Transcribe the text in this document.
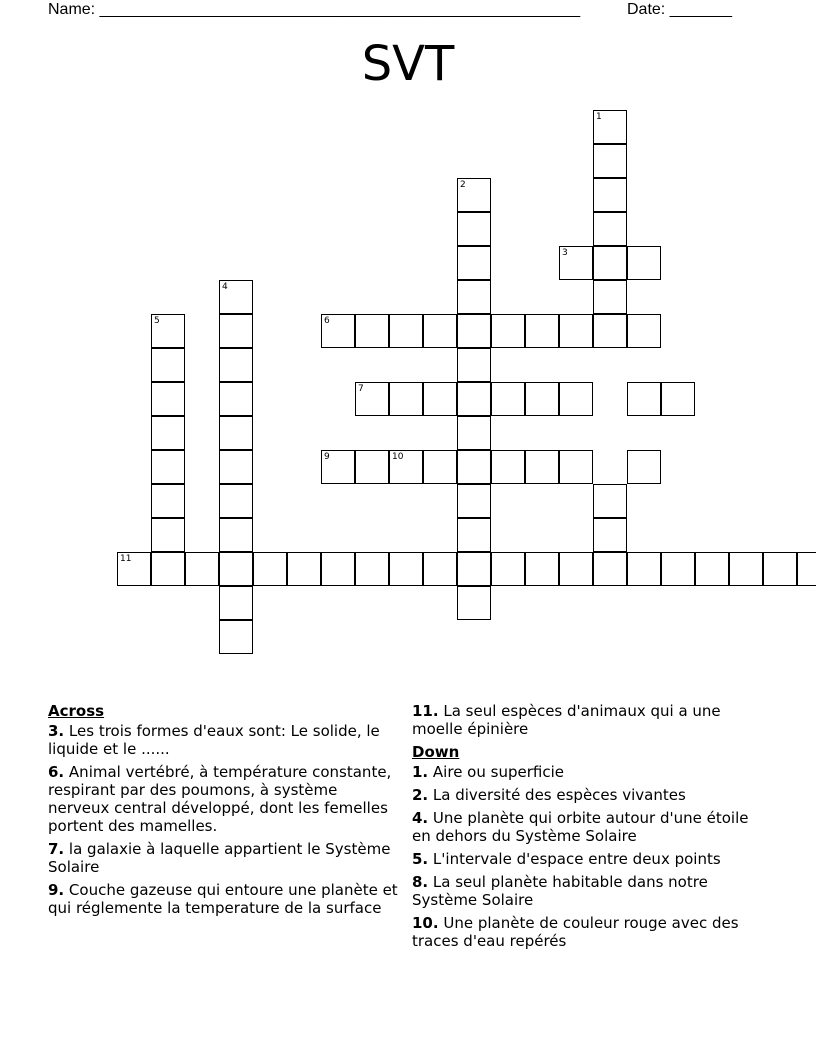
Name: ______________________________________________________	Date: _______
SVT
1
2
3
4
5	6
7
9	10
11
Across
3. Les trois formes d'eaux sont: Le solide, le liquide et le ......
6. Animal vertébré, à température constante, respirant par des poumons, à système nerveux central développé, dont les femelles portent des mamelles.
7. la galaxie à laquelle appartient le Système Solaire
9. Couche gazeuse qui entoure une planète et qui réglemente la temperature de la surface
11. La seul espèces d'animaux qui a une moelle épinière
Down
1. Aire ou superficie
2. La diversité des espèces vivantes
4. Une planète qui orbite autour d'une étoile en dehors du Système Solaire
5. L'intervale d'espace entre deux points
8. La seul planète habitable dans notre Système Solaire
10. Une planète de couleur rouge avec des traces d'eau repérés
